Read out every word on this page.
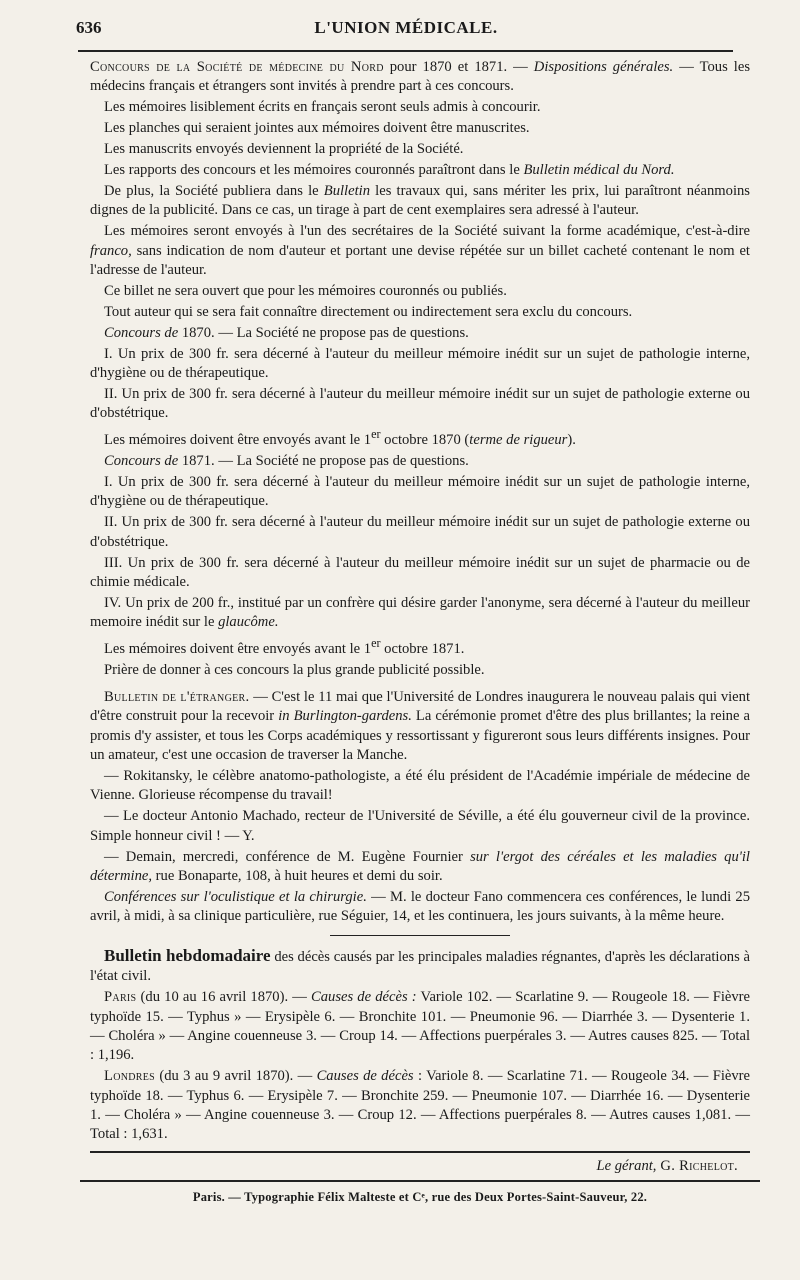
636	L'UNION MÉDICALE.

Concours de la Société de médecine du Nord pour 1870 et 1871. — Dispositions générales. — Tous les médecins français et étrangers sont invités à prendre part à ces concours.

Les mémoires lisiblement écrits en français seront seuls admis à concourir.

Les planches qui seraient jointes aux mémoires doivent être manuscrites.

Les manuscrits envoyés deviennent la propriété de la Société.

Les rapports des concours et les mémoires couronnés paraîtront dans le Bulletin médical du Nord.

De plus, la Société publiera dans le Bulletin les travaux qui, sans mériter les prix, lui paraîtront néanmoins dignes de la publicité. Dans ce cas, un tirage à part de cent exemplaires sera adressé à l'auteur.

Les mémoires seront envoyés à l'un des secrétaires de la Société suivant la forme académique, c'est-à-dire franco, sans indication de nom d'auteur et portant une devise répétée sur un billet cacheté contenant le nom et l'adresse de l'auteur.

Ce billet ne sera ouvert que pour les mémoires couronnés ou publiés.

Tout auteur qui se sera fait connaître directement ou indirectement sera exclu du concours.

Concours de 1870. — La Société ne propose pas de questions.

I. Un prix de 300 fr. sera décerné à l'auteur du meilleur mémoire inédit sur un sujet de pathologie interne, d'hygiène ou de thérapeutique.

II. Un prix de 300 fr. sera décerné à l'auteur du meilleur mémoire inédit sur un sujet de pathologie externe ou d'obstétrique.

Les mémoires doivent être envoyés avant le 1er octobre 1870 (terme de rigueur).

Concours de 1871. — La Société ne propose pas de questions.

I. Un prix de 300 fr. sera décerné à l'auteur du meilleur mémoire inédit sur un sujet de pathologie interne, d'hygiène ou de thérapeutique.

II. Un prix de 300 fr. sera décerné à l'auteur du meilleur mémoire inédit sur un sujet de pathologie externe ou d'obstétrique.

III. Un prix de 300 fr. sera décerné à l'auteur du meilleur mémoire inédit sur un sujet de pharmacie ou de chimie médicale.

IV. Un prix de 200 fr., institué par un confrère qui désire garder l'anonyme, sera décerné à l'auteur du meilleur memoire inédit sur le glaucôme.

Les mémoires doivent être envoyés avant le 1er octobre 1871.

Prière de donner à ces concours la plus grande publicité possible.

Bulletin de l'étranger. — C'est le 11 mai que l'Université de Londres inaugurera le nouveau palais qui vient d'être construit pour la recevoir in Burlington-gardens. La cérémonie promet d'être des plus brillantes; la reine a promis d'y assister, et tous les Corps académiques y ressortissant y figureront sous leurs différents insignes. Pour un amateur, c'est une occasion de traverser la Manche.

— Rokitansky, le célèbre anatomo-pathologiste, a été élu président de l'Académie impériale de médecine de Vienne. Glorieuse récompense du travail!

— Le docteur Antonio Machado, recteur de l'Université de Séville, a été élu gouverneur civil de la province. Simple honneur civil ! — Y.

— Demain, mercredi, conférence de M. Eugène Fournier sur l'ergot des céréales et les maladies qu'il détermine, rue Bonaparte, 108, à huit heures et demi du soir.

Conférences sur l'oculistique et la chirurgie. — M. le docteur Fano commencera ces conférences, le lundi 25 avril, à midi, à sa clinique particulière, rue Séguier, 14, et les continuera, les jours suivants, à la même heure.

Bulletin hebdomadaire des décès causés par les principales maladies régnantes, d'après les déclarations à l'état civil.

Paris (du 10 au 16 avril 1870). — Causes de décès : Variole 102. — Scarlatine 9. — Rougeole 18. — Fièvre typhoïde 15. — Typhus » — Erysipèle 6. — Bronchite 101. — Pneumonie 96. — Diarrhée 3. — Dysenterie 1. — Choléra » — Angine couenneuse 3. — Croup 14. — Affections puerpérales 3. — Autres causes 825. — Total : 1,196.

Londres (du 3 au 9 avril 1870). — Causes de décès : Variole 8. — Scarlatine 71. — Rougeole 34. — Fièvre typhoïde 18. — Typhus 6. — Erysipèle 7. — Bronchite 259. — Pneumonie 107. — Diarrhée 16. — Dysenterie 1. — Choléra » — Angine couenneuse 3. — Croup 12. — Affections puerpérales 8. — Autres causes 1,081. — Total : 1,631.

Le gérant, G. Richelot.

Paris. — Typographie Félix Malteste et Cᵉ, rue des Deux Portes-Saint-Sauveur, 22.
